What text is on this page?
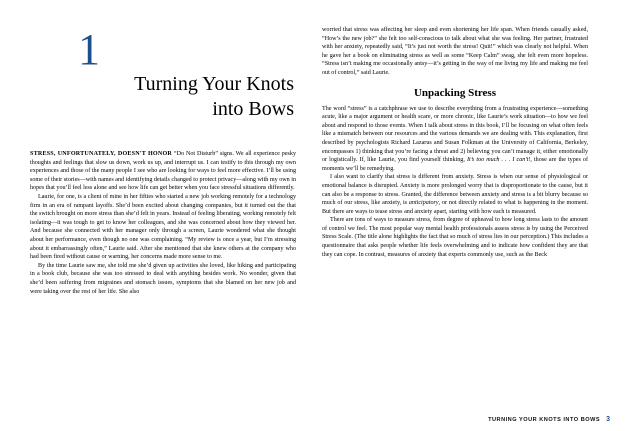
1
Turning Your Knots
into Bows

STRESS, UNFORTUNATELY, DOESN'T HONOR “Do Not Disturb” signs. We all experience pesky thoughts and feelings that slow us down, work us up, and interrupt us. I can testify to this through my own experiences and those of the many people I see who are looking for ways to feel more effective. I’ll be using some of their stories—with names and identifying details changed to protect privacy—along with my own in hopes that you’ll feel less alone and see how life can get better when you face stressful situations differently.

Laurie, for one, is a client of mine in her fifties who started a new job working remotely for a technology firm in an era of rampant layoffs. She’d been excited about changing companies, but it turned out the that the switch brought on more stress than she’d felt in years. Instead of feeling liberating, working remotely felt isolating—it was tough to get to know her colleagues, and she was concerned about how they viewed her. And because she connected with her manager only through a screen, Laurie wondered what she thought about her performance, even though no one was complaining. “My review is once a year, but I’m stressing about it embarrassingly often,” Laurie said. After she mentioned that she knew others at the company who had been fired without cause or warning, her concerns made more sense to me.

By the time Laurie saw me, she told me she’d given up activities she loved, like hiking and participating in a book club, because she was too stressed to deal with anything besides work. No wonder, given that she’d been suffering from migraines and stomach issues, symptoms that she blamed on her new job and were taking over the rest of her life. She also

worried that stress was affecting her sleep and even shortening her life span. When friends casually asked, “How’s the new job?” she felt too self-conscious to talk about what she was feeling. Her partner, frustrated with her anxiety, repeatedly said, “It’s just not worth the stress! Quit!” which was clearly not helpful. When he gave her a book on eliminating stress as well as some “Keep Calm” swag, she felt even more hopeless. “Stress isn’t making me occasionally antsy—it’s getting in the way of me living my life and making me feel out of control,” said Laurie.

Unpacking Stress

The word “stress” is a catchphrase we use to describe everything from a frustrating experience—something acute, like a major argument or health scare, or more chronic, like Laurie’s work situation—to how we feel about and respond to those events. When I talk about stress in this book, I’ll be focusing on what often feels like a mismatch between our resources and the various demands we are dealing with. This explanation, first described by psychologists Richard Lazarus and Susan Folkman at the University of California, Berkeley, encompasses 1) thinking that you’re facing a threat and 2) believing you can’t manage it, either emotionally or logistically. If, like Laurie, you find yourself thinking, It’s too much . . . I can’t!, those are the types of moments we’ll be remedying.

I also want to clarify that stress is different from anxiety. Stress is when our sense of physiological or emotional balance is disrupted. Anxiety is more prolonged worry that is disproportionate to the cause, but it can also be a response to stress. Granted, the difference between anxiety and stress is a bit blurry because so much of our stress, like anxiety, is anticipatory, or not directly related to what is happening in the moment. But there are ways to tease stress and anxiety apart, starting with how each is measured.

There are tons of ways to measure stress, from degree of upheaval to how long stress lasts to the amount of control we feel. The most popular way mental health professionals assess stress is by using the Perceived Stress Scale. (The title alone highlights the fact that so much of stress lies in our perception.) This includes a questionnaire that asks people whether life feels overwhelming and to indicate how confident they are that they can cope. In contrast, measures of anxiety that experts commonly use, such as the Beck

TURNING YOUR KNOTS INTO BOWS 3
